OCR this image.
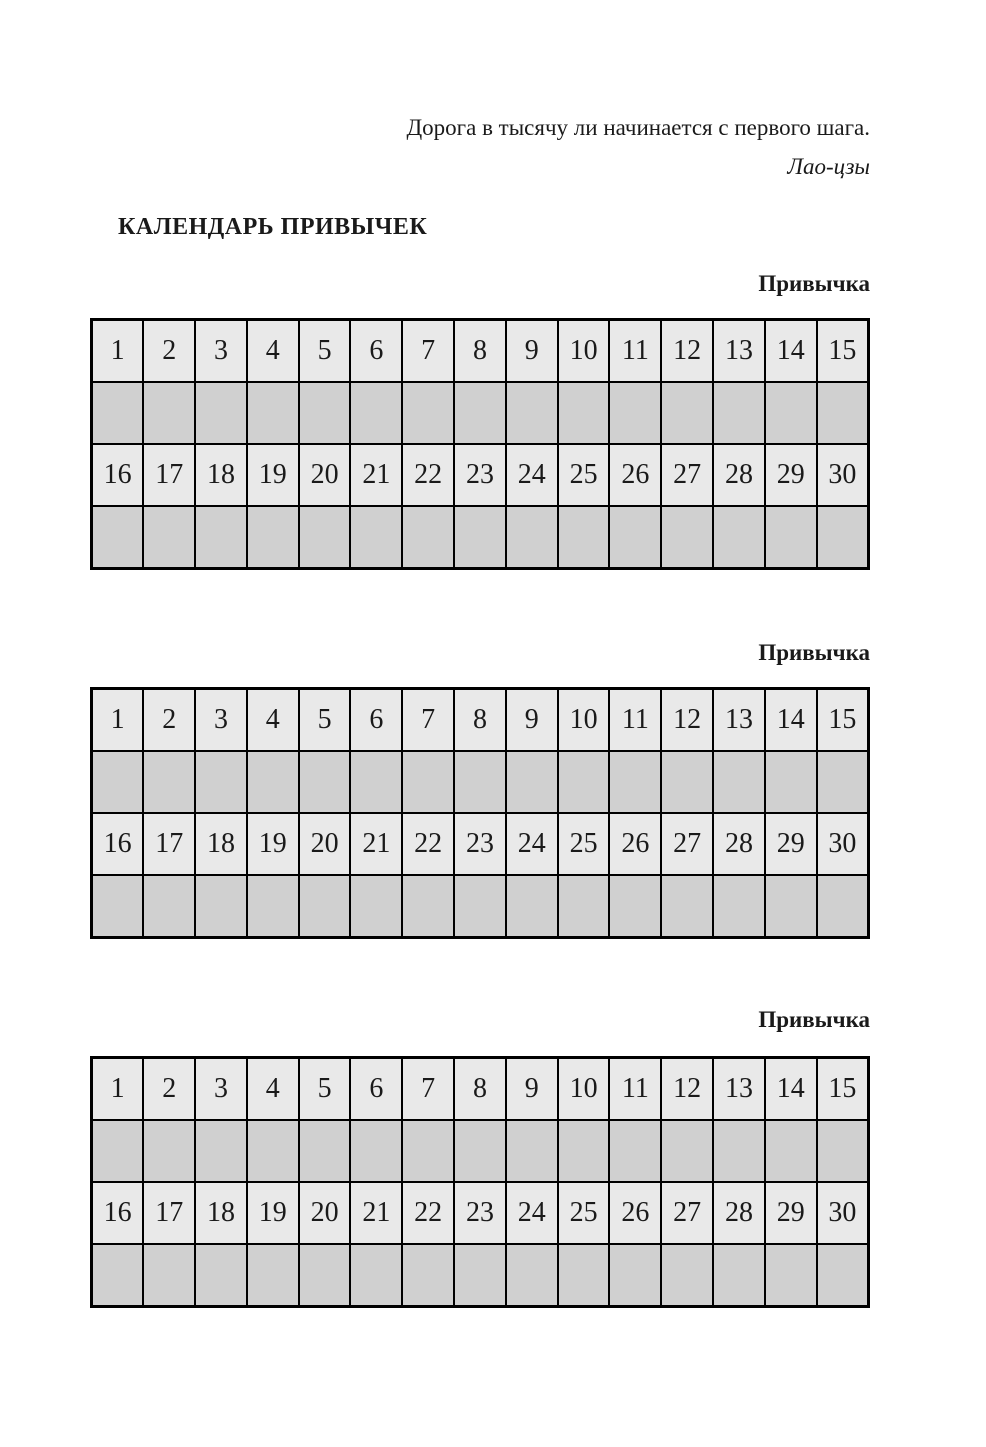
Дорога в тысячу ли начинается с первого шага.
Лао-цзы
КАЛЕНДАРЬ ПРИВЫЧЕК
Привычка
1	2	3	4	5	6	7	8	9	10	11	12	13	14	15

16	17	18	19	20	21	22	23	24	25	26	27	28	29	30

Привычка
1	2	3	4	5	6	7	8	9	10	11	12	13	14	15

16	17	18	19	20	21	22	23	24	25	26	27	28	29	30

Привычка
1	2	3	4	5	6	7	8	9	10	11	12	13	14	15

16	17	18	19	20	21	22	23	24	25	26	27	28	29	30
